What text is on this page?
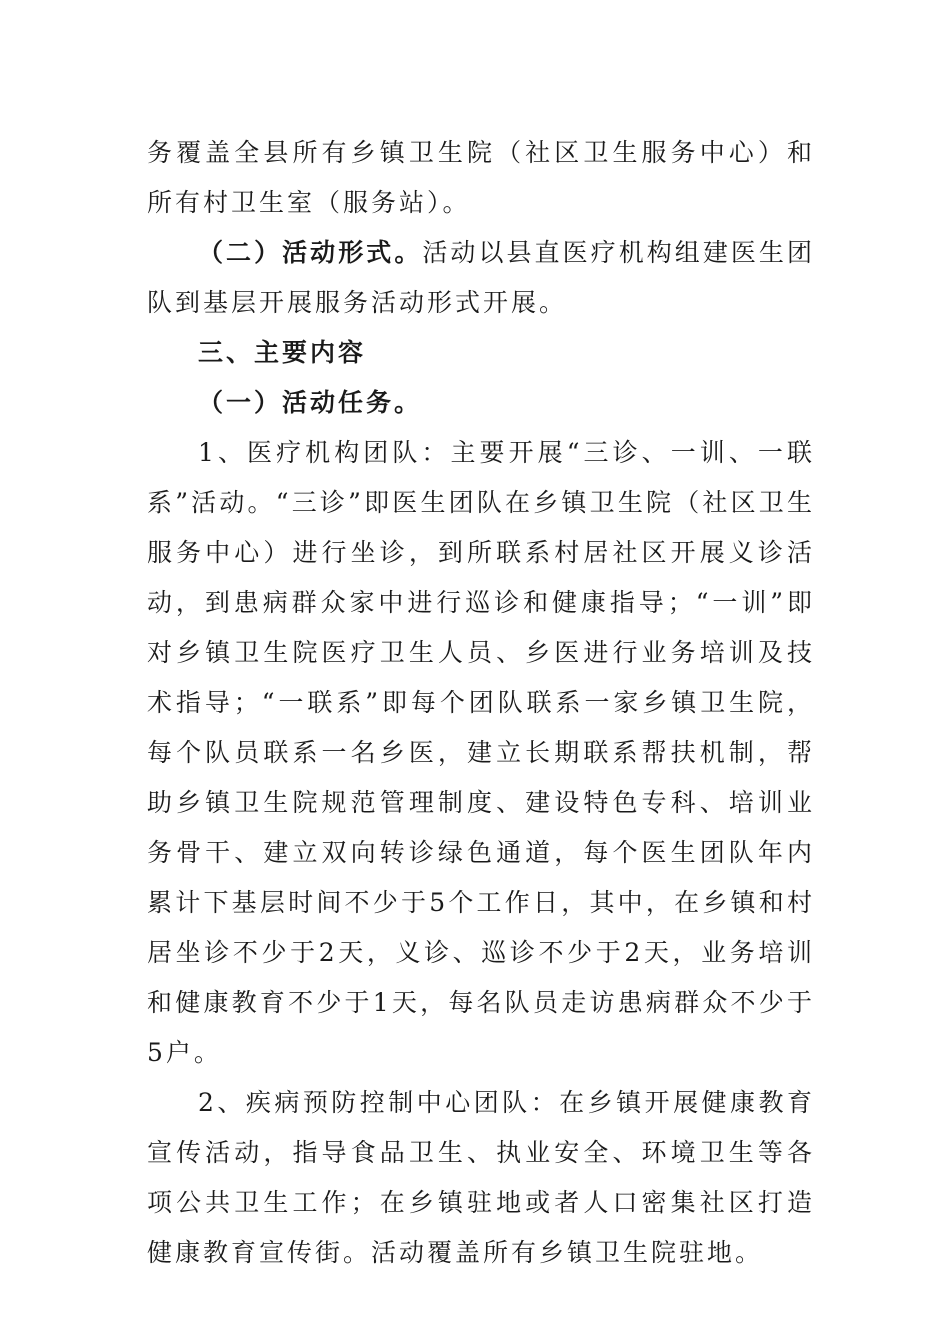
务覆盖全县所有乡镇卫生院（社区卫生服务中心）和所有村卫生室（服务站）。

（二）活动形式。活动以县直医疗机构组建医生团队到基层开展服务活动形式开展。

三、主要内容

（一）活动任务。

1、医疗机构团队：主要开展“三诊、一训、一联系”活动。“三诊”即医生团队在乡镇卫生院（社区卫生服务中心）进行坐诊，到所联系村居社区开展义诊活动，到患病群众家中进行巡诊和健康指导；“一训”即对乡镇卫生院医疗卫生人员、乡医进行业务培训及技术指导；“一联系”即每个团队联系一家乡镇卫生院，每个队员联系一名乡医，建立长期联系帮扶机制，帮助乡镇卫生院规范管理制度、建设特色专科、培训业务骨干、建立双向转诊绿色通道，每个医生团队年内累计下基层时间不少于5个工作日，其中，在乡镇和村居坐诊不少于2天，义诊、巡诊不少于2天，业务培训和健康教育不少于1天，每名队员走访患病群众不少于5户。

2、疾病预防控制中心团队：在乡镇开展健康教育宣传活动，指导食品卫生、执业安全、环境卫生等各项公共卫生工作；在乡镇驻地或者人口密集社区打造健康教育宣传街。活动覆盖所有乡镇卫生院驻地。
